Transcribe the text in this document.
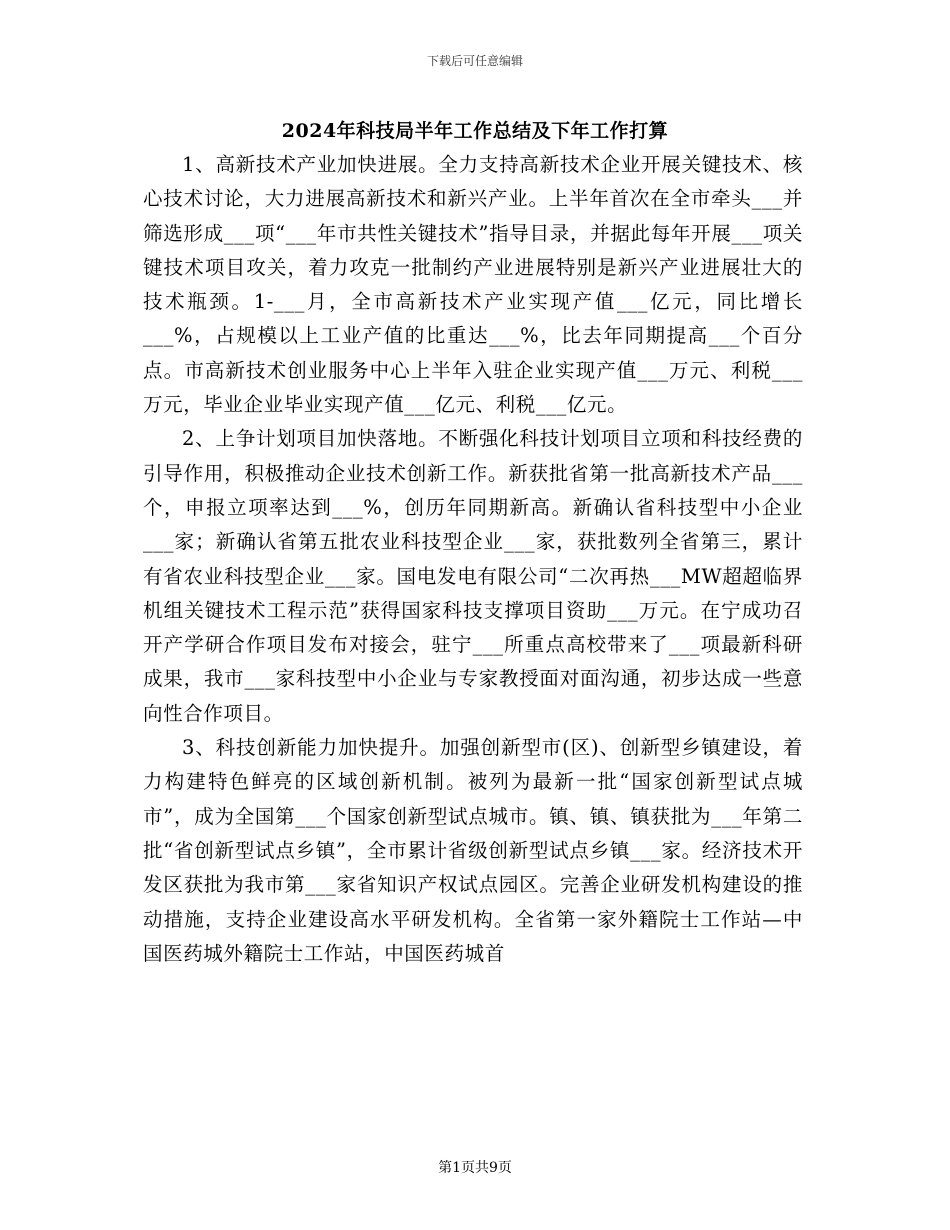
下载后可任意编辑
2024年科技局半年工作总结及下年工作打算

1、高新技术产业加快进展。全力支持高新技术企业开展关键技术、核心技术讨论，大力进展高新技术和新兴产业。上半年首次在全市牵头___并筛选形成___项“___年市共性关键技术”指导目录，并据此每年开展___项关键技术项目攻关，着力攻克一批制约产业进展特别是新兴产业进展壮大的技术瓶颈。1-___月，全市高新技术产业实现产值___亿元，同比增长___%，占规模以上工业产值的比重达___%，比去年同期提高___个百分点。市高新技术创业服务中心上半年入驻企业实现产值___万元、利税___万元，毕业企业毕业实现产值___亿元、利税___亿元。

2、上争计划项目加快落地。不断强化科技计划项目立项和科技经费的引导作用，积极推动企业技术创新工作。新获批省第一批高新技术产品___个，申报立项率达到___%，创历年同期新高。新确认省科技型中小企业___家；新确认省第五批农业科技型企业___家，获批数列全省第三，累计有省农业科技型企业___家。国电发电有限公司“二次再热___MW超超临界机组关键技术工程示范”获得国家科技支撑项目资助___万元。在宁成功召开产学研合作项目发布对接会，驻宁___所重点高校带来了___项最新科研成果，我市___家科技型中小企业与专家教授面对面沟通，初步达成一些意向性合作项目。

3、科技创新能力加快提升。加强创新型市(区)、创新型乡镇建设，着力构建特色鲜亮的区域创新机制。被列为最新一批“国家创新型试点城市”，成为全国第___个国家创新型试点城市。镇、镇、镇获批为___年第二批“省创新型试点乡镇”，全市累计省级创新型试点乡镇___家。经济技术开发区获批为我市第___家省知识产权试点园区。完善企业研发机构建设的推动措施，支持企业建设高水平研发机构。全省第一家外籍院士工作站—中国医药城外籍院士工作站，中国医药城首

第1页共9页
